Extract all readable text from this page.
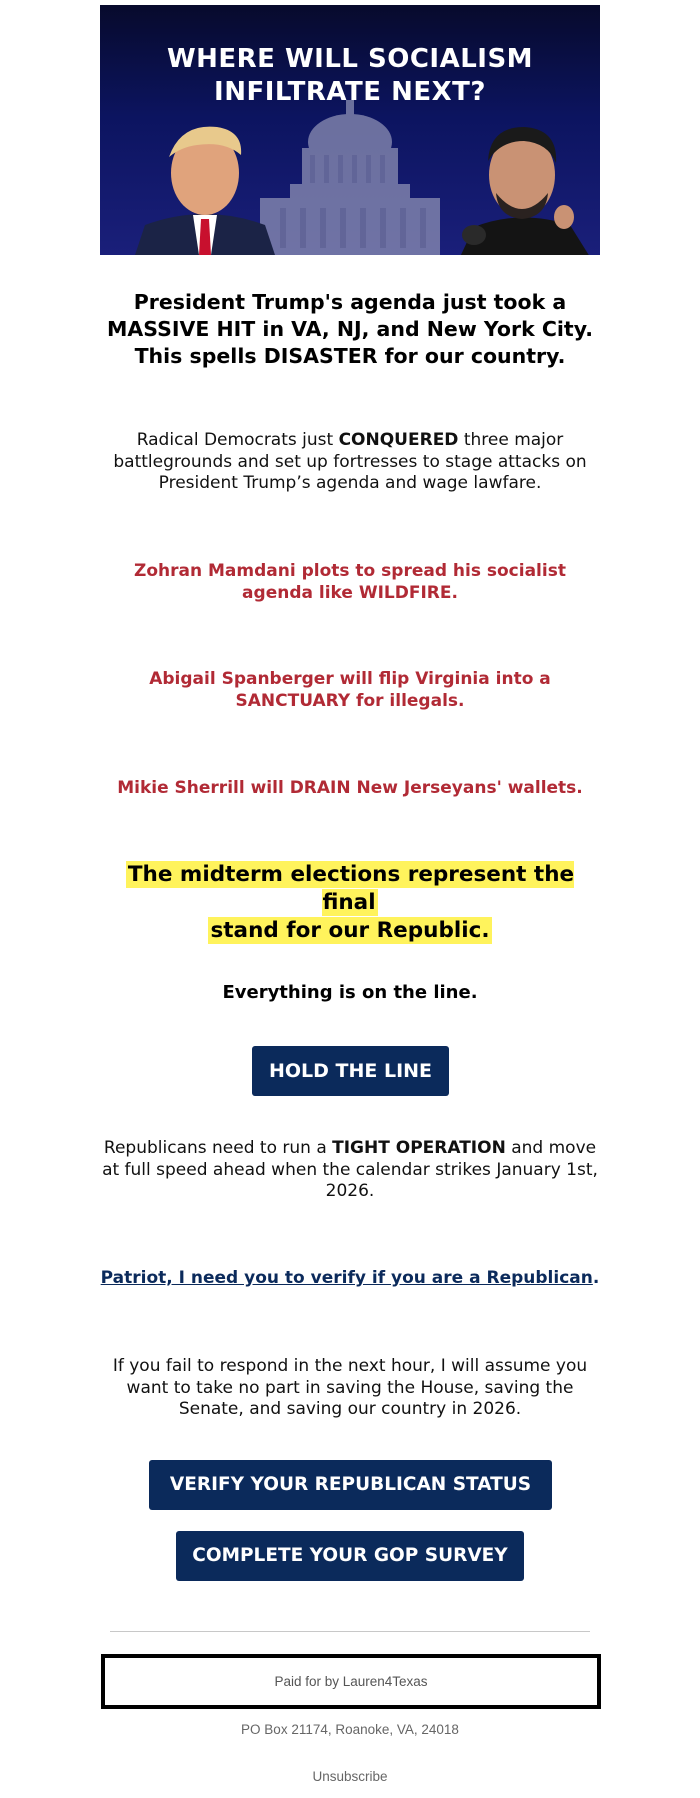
WHERE WILL SOCIALISM
INFILTRATE NEXT?
President Trump's agenda just took a
MASSIVE HIT in VA, NJ, and New York City.
This spells DISASTER for our country.
Radical Democrats just CONQUERED three major battlegrounds and set up fortresses to stage attacks on President Trump’s agenda and wage lawfare.
Zohran Mamdani plots to spread his socialist agenda like WILDFIRE.
Abigail Spanberger will flip Virginia into a SANCTUARY for illegals.
Mikie Sherrill will DRAIN New Jerseyans' wallets.
The midterm elections represent the final
stand for our Republic.
Everything is on the line.
HOLD THE LINE
Republicans need to run a TIGHT OPERATION and move at full speed ahead when the calendar strikes January 1st, 2026.
Patriot, I need you to verify if you are a Republican.
If you fail to respond in the next hour, I will assume you want to take no part in saving the House, saving the Senate, and saving our country in 2026.
VERIFY YOUR REPUBLICAN STATUS
COMPLETE YOUR GOP SURVEY
Paid for by Lauren4Texas
PO Box 21174, Roanoke, VA, 24018
Unsubscribe
